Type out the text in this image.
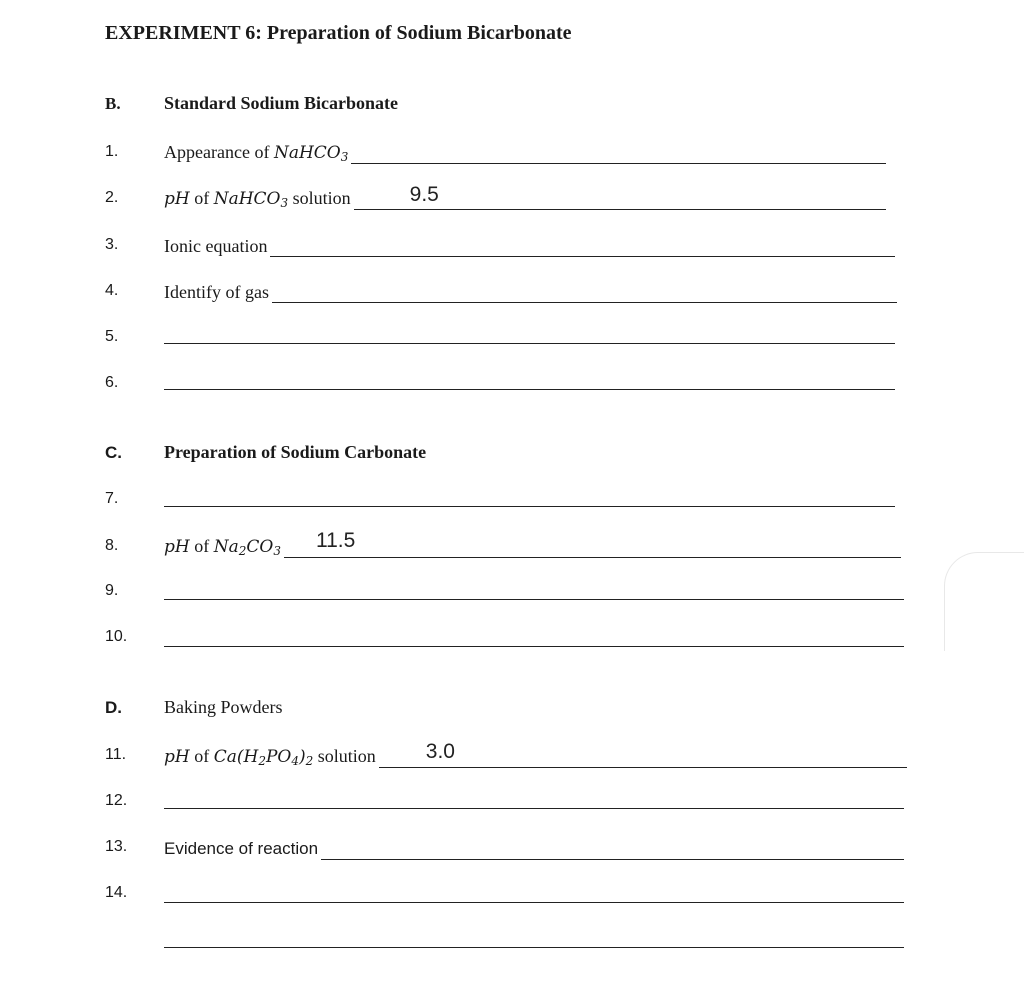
EXPERIMENT 6: Preparation of Sodium Bicarbonate
B. Standard Sodium Bicarbonate
1.	Appearance of NaHCO$_3$
2.	pH of NaHCO$_3$ solution	9.5
3.	Ionic equation
4.	Identify of gas
5.
6.
C. Preparation of Sodium Carbonate
7.
8.	pH of $Na_2CO_3$ 11.5
9.
10.
D. Baking Powders
11. pH of $Ca(H_2PO_4)_2$ solution 3.0
12.
13. Evidence of reaction
14.
